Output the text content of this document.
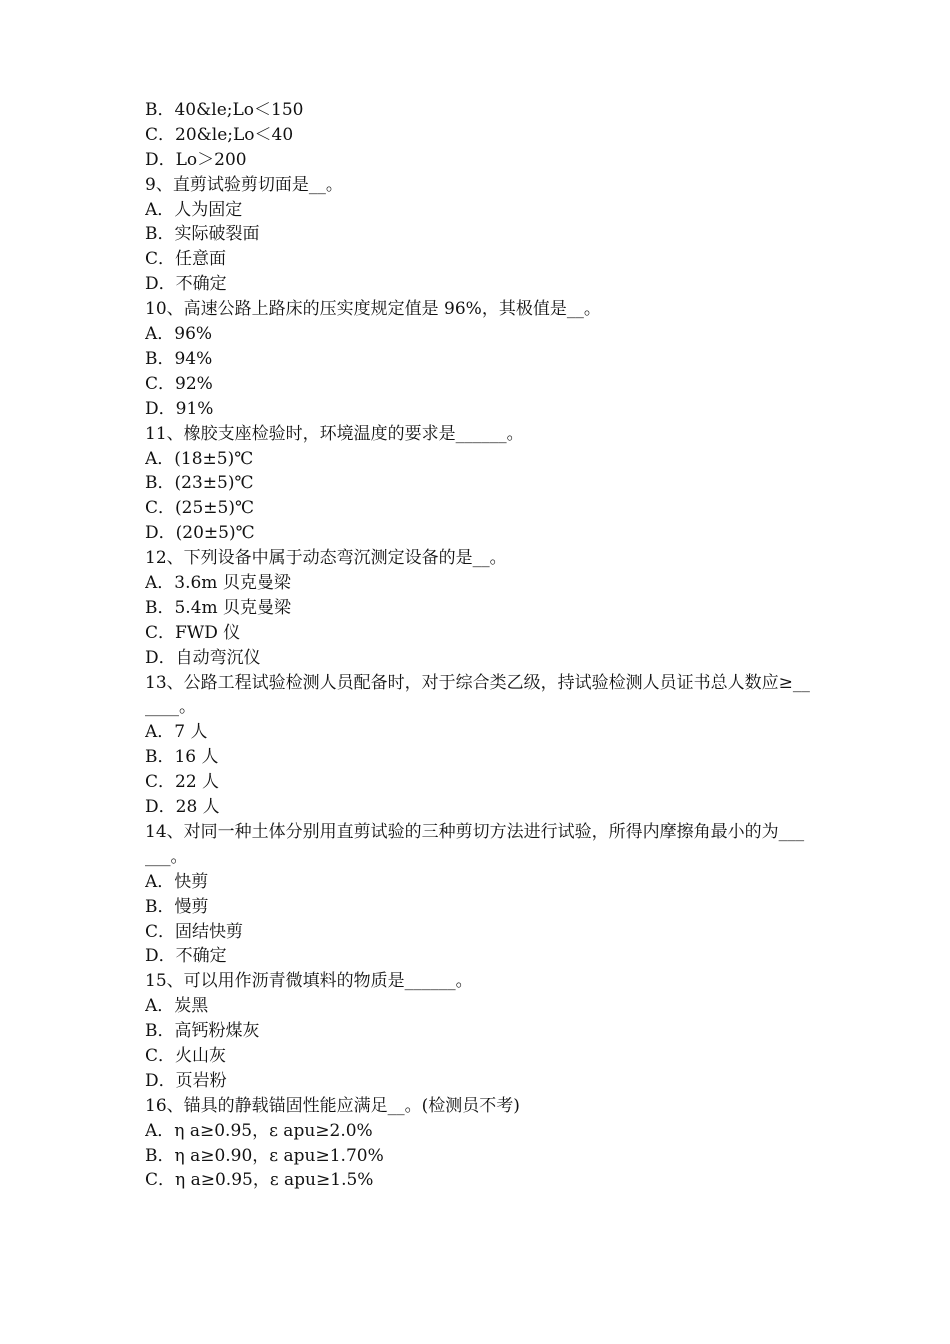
B．40&le;Lo＜150
C．20&le;Lo＜40
D．Lo＞200
9、直剪试验剪切面是__。
A．人为固定
B．实际破裂面
C．任意面
D．不确定
10、高速公路上路床的压实度规定值是 96%，其极值是__。
A．96%
B．94%
C．92%
D．91%
11、橡胶支座检验时，环境温度的要求是______。
A．(18±5)℃
B．(23±5)℃
C．(25±5)℃
D．(20±5)℃
12、下列设备中属于动态弯沉测定设备的是__。
A．3.6m 贝克曼梁
B．5.4m 贝克曼梁
C．FWD 仪
D．自动弯沉仪
13、公路工程试验检测人员配备时，对于综合类乙级，持试验检测人员证书总人数应≥______。
A．7 人
B．16 人
C．22 人
D．28 人
14、对同一种土体分别用直剪试验的三种剪切方法进行试验，所得内摩擦角最小的为______。
A．快剪
B．慢剪
C．固结快剪
D．不确定
15、可以用作沥青微填料的物质是______。
A．炭黑
B．高钙粉煤灰
C．火山灰
D．页岩粉
16、锚具的静载锚固性能应满足__。(检测员不考)
A．η a≥0.95，ε apu≥2.0%
B．η a≥0.90，ε apu≥1.70%
C．η a≥0.95，ε apu≥1.5%
